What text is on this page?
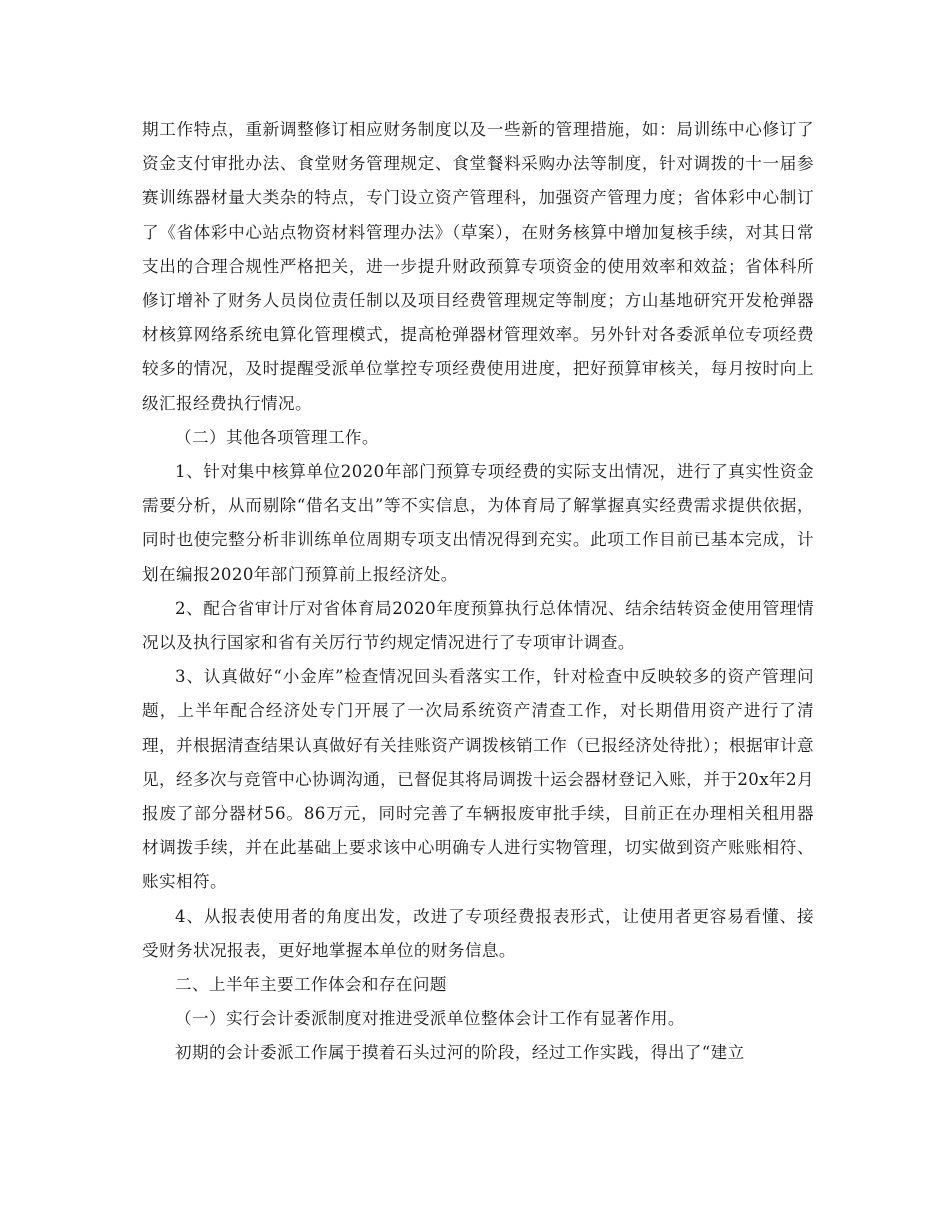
期工作特点，重新调整修订相应财务制度以及一些新的管理措施，如：局训练中心修订了资金支付审批办法、食堂财务管理规定、食堂餐料采购办法等制度，针对调拨的十一届参赛训练器材量大类杂的特点，专门设立资产管理科，加强资产管理力度；省体彩中心制订了《省体彩中心站点物资材料管理办法》（草案），在财务核算中增加复核手续，对其日常支出的合理合规性严格把关，进一步提升财政预算专项资金的使用效率和效益；省体科所修订增补了财务人员岗位责任制以及项目经费管理规定等制度；方山基地研究开发枪弹器材核算网络系统电算化管理模式，提高枪弹器材管理效率。另外针对各委派单位专项经费较多的情况，及时提醒受派单位掌控专项经费使用进度，把好预算审核关，每月按时向上级汇报经费执行情况。

（二）其他各项管理工作。

1、针对集中核算单位2020年部门预算专项经费的实际支出情况，进行了真实性资金需要分析，从而剔除“借名支出”等不实信息，为体育局了解掌握真实经费需求提供依据，同时也使完整分析非训练单位周期专项支出情况得到充实。此项工作目前已基本完成，计划在编报2020年部门预算前上报经济处。

2、配合省审计厅对省体育局2020年度预算执行总体情况、结余结转资金使用管理情况以及执行国家和省有关厉行节约规定情况进行了专项审计调查。

3、认真做好“小金库”检查情况回头看落实工作，针对检查中反映较多的资产管理问题，上半年配合经济处专门开展了一次局系统资产清查工作，对长期借用资产进行了清理，并根据清查结果认真做好有关挂账资产调拨核销工作（已报经济处待批）；根据审计意见，经多次与竞管中心协调沟通，已督促其将局调拨十运会器材登记入账，并于20x年2月报废了部分器材56。86万元，同时完善了车辆报废审批手续，目前正在办理相关租用器材调拨手续，并在此基础上要求该中心明确专人进行实物管理，切实做到资产账账相符、账实相符。

4、从报表使用者的角度出发，改进了专项经费报表形式，让使用者更容易看懂、接受财务状况报表，更好地掌握本单位的财务信息。

二、上半年主要工作体会和存在问题

（一）实行会计委派制度对推进受派单位整体会计工作有显著作用。

初期的会计委派工作属于摸着石头过河的阶段，经过工作实践，得出了“建立
